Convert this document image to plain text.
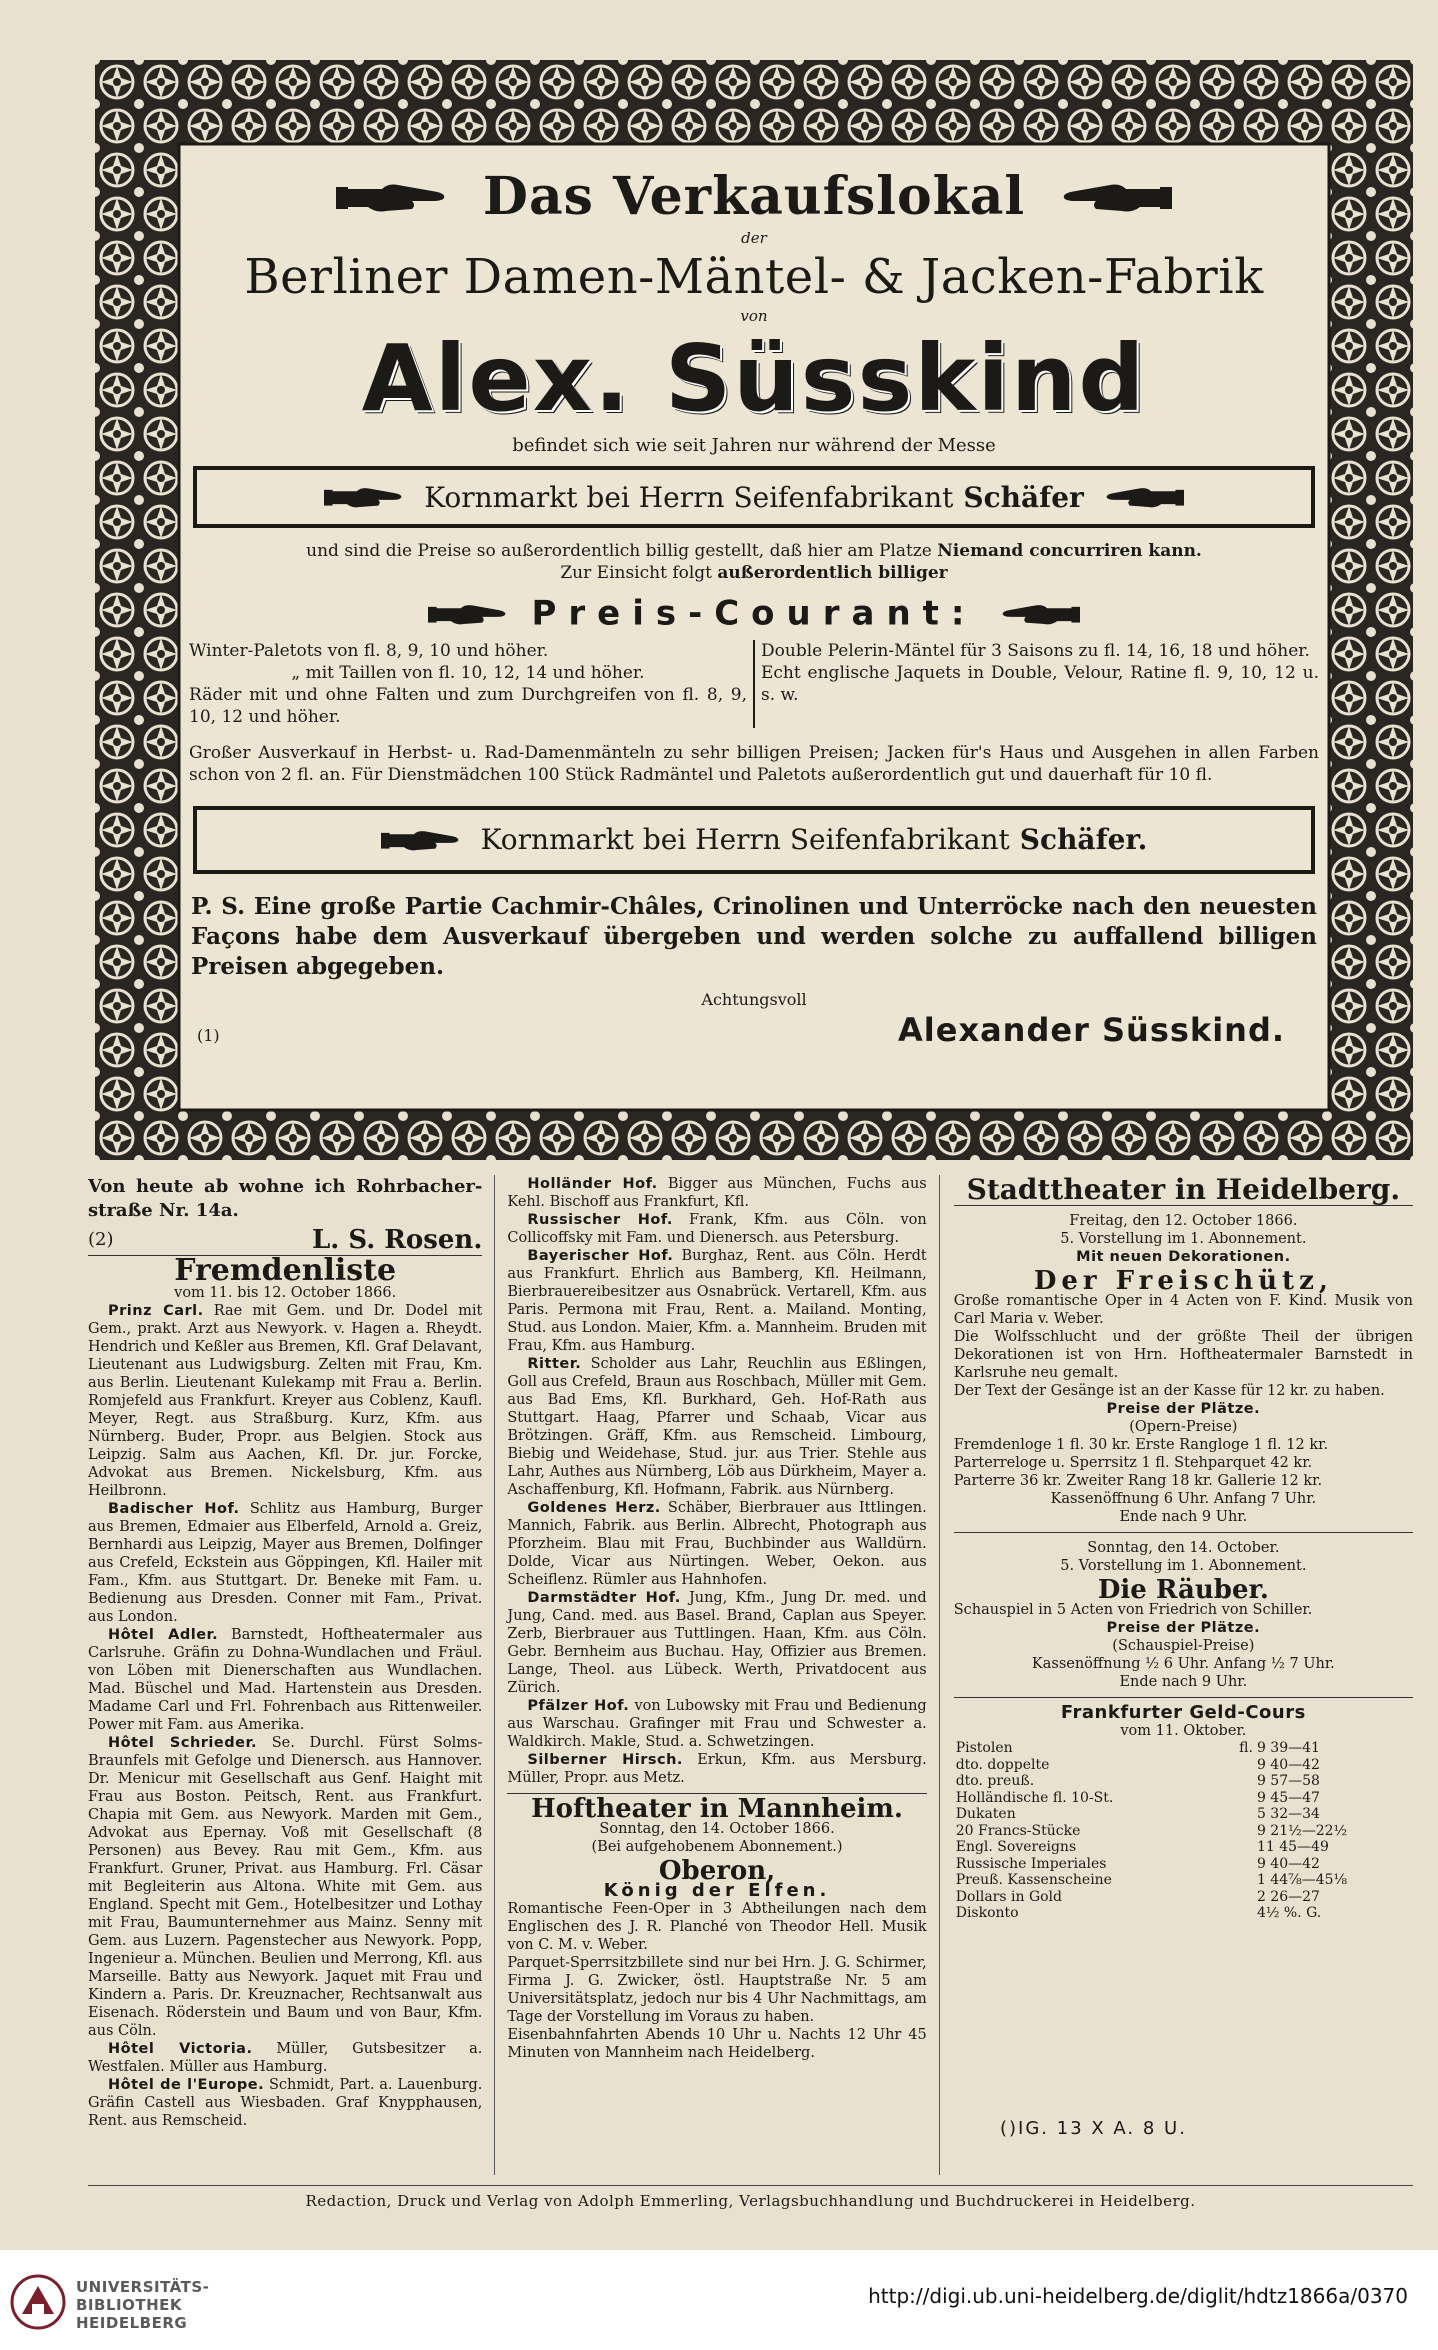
Das Verkaufslokal
der
Berliner Damen-Mäntel- & Jacken-Fabrik
von
Alex. Süsskind
befindet sich wie seit Jahren nur während der Messe
Kornmarkt bei Herrn Seifenfabrikant Schäfer
und sind die Preise so außerordentlich billig gestellt, daß hier am Platze Niemand concurriren kann.
Zur Einsicht folgt außerordentlich billiger
Preis-Courant:

Winter-Paletots von fl. 8, 9, 10 und höher.

„ mit Taillen von fl. 10, 12, 14 und höher.

Räder mit und ohne Falten und zum Durchgreifen von fl. 8, 9, 10, 12 und höher.

Double Pelerin-Mäntel für 3 Saisons zu fl. 14, 16, 18 und höher.

Echt englische Jaquets in Double, Velour, Ratine fl. 9, 10, 12 u. s. w.

Großer Ausverkauf in Herbst- u. Rad-Damenmänteln zu sehr billigen Preisen; Jacken für's Haus und Ausgehen in allen Farben schon von 2 fl. an. Für Dienstmädchen 100 Stück Radmäntel und Paletots außerordentlich gut und dauerhaft für 10 fl.
Kornmarkt bei Herrn Seifenfabrikant Schäfer.
P. S. Eine große Partie Cachmir-Châles, Crinolinen und Unterröcke nach den neuesten Façons habe dem Ausverkauf übergeben und werden solche zu auffallend billigen Preisen abgegeben.
Achtungsvoll
(1)	Alexander Süsskind.

Von heute ab wohne ich Rohrbacher-straße Nr. 14a.

(2)	L. S. Rosen.
Fremdenliste
vom 11. bis 12. October 1866.

Prinz Carl. Rae mit Gem. und Dr. Dodel mit Gem., prakt. Arzt aus Newyork. v. Hagen a. Rheydt. Hendrich und Keßler aus Bremen, Kfl. Graf Delavant, Lieutenant aus Ludwigsburg. Zelten mit Frau, Km. aus Berlin. Lieutenant Kulekamp mit Frau a. Berlin. Romjefeld aus Frankfurt. Kreyer aus Coblenz, Kaufl. Meyer, Regt. aus Straßburg. Kurz, Kfm. aus Nürnberg. Buder, Propr. aus Belgien. Stock aus Leipzig. Salm aus Aachen, Kfl. Dr. jur. Forcke, Advokat aus Bremen. Nickelsburg, Kfm. aus Heilbronn.

Badischer Hof. Schlitz aus Hamburg, Burger aus Bremen, Edmaier aus Elberfeld, Arnold a. Greiz, Bernhardi aus Leipzig, Mayer aus Bremen, Dolfinger aus Crefeld, Eckstein aus Göppingen, Kfl. Hailer mit Fam., Kfm. aus Stuttgart. Dr. Beneke mit Fam. u. Bedienung aus Dresden. Conner mit Fam., Privat. aus London.

Hôtel Adler. Barnstedt, Hoftheatermaler aus Carlsruhe. Gräfin zu Dohna-Wundlachen und Fräul. von Löben mit Dienerschaften aus Wundlachen. Mad. Büschel und Mad. Hartenstein aus Dresden. Madame Carl und Frl. Fohrenbach aus Rittenweiler. Power mit Fam. aus Amerika.

Hôtel Schrieder. Se. Durchl. Fürst Solms-Braunfels mit Gefolge und Dienersch. aus Hannover. Dr. Menicur mit Gesellschaft aus Genf. Haight mit Frau aus Boston. Peitsch, Rent. aus Frankfurt. Chapia mit Gem. aus Newyork. Marden mit Gem., Advokat aus Epernay. Voß mit Gesellschaft (8 Personen) aus Bevey. Rau mit Gem., Kfm. aus Frankfurt. Gruner, Privat. aus Hamburg. Frl. Cäsar mit Begleiterin aus Altona. White mit Gem. aus England. Specht mit Gem., Hotelbesitzer und Lothay mit Frau, Baumunternehmer aus Mainz. Senny mit Gem. aus Luzern. Pagenstecher aus Newyork. Popp, Ingenieur a. München. Beulien und Merrong, Kfl. aus Marseille. Batty aus Newyork. Jaquet mit Frau und Kindern a. Paris. Dr. Kreuznacher, Rechtsanwalt aus Eisenach. Röderstein und Baum und von Baur, Kfm. aus Cöln.

Hôtel Victoria. Müller, Gutsbesitzer a. Westfalen. Müller aus Hamburg.

Hôtel de l'Europe. Schmidt, Part. a. Lauenburg. Gräfin Castell aus Wiesbaden. Graf Knypphausen, Rent. aus Remscheid.

Holländer Hof. Bigger aus München, Fuchs aus Kehl. Bischoff aus Frankfurt, Kfl.

Russischer Hof. Frank, Kfm. aus Cöln. von Collicoffsky mit Fam. und Dienersch. aus Petersburg.

Bayerischer Hof. Burghaz, Rent. aus Cöln. Herdt aus Frankfurt. Ehrlich aus Bamberg, Kfl. Heilmann, Bierbrauereibesitzer aus Osnabrück. Vertarell, Kfm. aus Paris. Permona mit Frau, Rent. a. Mailand. Monting, Stud. aus London. Maier, Kfm. a. Mannheim. Bruden mit Frau, Kfm. aus Hamburg.

Ritter. Scholder aus Lahr, Reuchlin aus Eßlingen, Goll aus Crefeld, Braun aus Roschbach, Müller mit Gem. aus Bad Ems, Kfl. Burkhard, Geh. Hof-Rath aus Stuttgart. Haag, Pfarrer und Schaab, Vicar aus Brötzingen. Gräff, Kfm. aus Remscheid. Limbourg, Biebig und Weidehase, Stud. jur. aus Trier. Stehle aus Lahr, Authes aus Nürnberg, Löb aus Dürkheim, Mayer a. Aschaffenburg, Kfl. Hofmann, Fabrik. aus Nürnberg.

Goldenes Herz. Schäber, Bierbrauer aus Ittlingen. Mannich, Fabrik. aus Berlin. Albrecht, Photograph aus Pforzheim. Blau mit Frau, Buchbinder aus Walldürn. Dolde, Vicar aus Nürtingen. Weber, Oekon. aus Scheiflenz. Rümler aus Hahnhofen.

Darmstädter Hof. Jung, Kfm., Jung Dr. med. und Jung, Cand. med. aus Basel. Brand, Caplan aus Speyer. Zerb, Bierbrauer aus Tuttlingen. Haan, Kfm. aus Cöln. Gebr. Bernheim aus Buchau. Hay, Offizier aus Bremen. Lange, Theol. aus Lübeck. Werth, Privatdocent aus Zürich.

Pfälzer Hof. von Lubowsky mit Frau und Bedienung aus Warschau. Grafinger mit Frau und Schwester a. Waldkirch. Makle, Stud. a. Schwetzingen.

Silberner Hirsch. Erkun, Kfm. aus Mersburg. Müller, Propr. aus Metz.

Hoftheater in Mannheim.
Sonntag, den 14. October 1866.
(Bei aufgehobenem Abonnement.)
Oberon,
König der Elfen.

Romantische Feen-Oper in 3 Abtheilungen nach dem Englischen des J. R. Planché von Theodor Hell. Musik von C. M. v. Weber.

Parquet-Sperrsitzbillete sind nur bei Hrn. J. G. Schirmer, Firma J. G. Zwicker, östl. Hauptstraße Nr. 5 am Universitätsplatz, jedoch nur bis 4 Uhr Nachmittags, am Tage der Vorstellung im Voraus zu haben.

Eisenbahnfahrten Abends 10 Uhr u. Nachts 12 Uhr 45 Minuten von Mannheim nach Heidelberg.

Stadttheater in Heidelberg.
Freitag, den 12. October 1866.
5. Vorstellung im 1. Abonnement.
Mit neuen Dekorationen.
Der Freischütz,

Große romantische Oper in 4 Acten von F. Kind. Musik von Carl Maria v. Weber.

Die Wolfsschlucht und der größte Theil der übrigen Dekorationen ist von Hrn. Hoftheatermaler Barnstedt in Karlsruhe neu gemalt.

Der Text der Gesänge ist an der Kasse für 12 kr. zu haben.

Preise der Plätze.
(Opern-Preise)

Fremdenloge 1 fl. 30 kr. Erste Rangloge 1 fl. 12 kr.

Parterreloge u. Sperrsitz 1 fl. Stehparquet 42 kr.

Parterre 36 kr. Zweiter Rang 18 kr. Gallerie 12 kr.

Kassenöffnung 6 Uhr. Anfang 7 Uhr.
Ende nach 9 Uhr.
Sonntag, den 14. October.
5. Vorstellung im 1. Abonnement.
Die Räuber.

Schauspiel in 5 Acten von Friedrich von Schiller.

Preise der Plätze.
(Schauspiel-Preise)
Kassenöffnung ½ 6 Uhr. Anfang ½ 7 Uhr.
Ende nach 9 Uhr.
Frankfurter Geld-Cours
vom 11. Oktober.
Pistolen	fl.	9 39—41
dto. doppelte		9 40—42
dto. preuß.		9 57—58
Holländische fl. 10-St.		9 45—47
Dukaten		5 32—34
20 Francs-Stücke		9 21½—22½
Engl. Sovereigns		11 45—49
Russische Imperiales		9 40—42
Preuß. Kassenscheine		1 44⅞—45⅛
Dollars in Gold		2 26—27
Diskonto		4½ %. G.
()IG. 13 X A. 8 U.
Redaction, Druck und Verlag von Adolph Emmerling, Verlagsbuchhandlung und Buchdruckerei in Heidelberg.
UNIVERSITÄTS-
BIBLIOTHEK
HEIDELBERG
http://digi.ub.uni-heidelberg.de/diglit/hdtz1866a/0370
